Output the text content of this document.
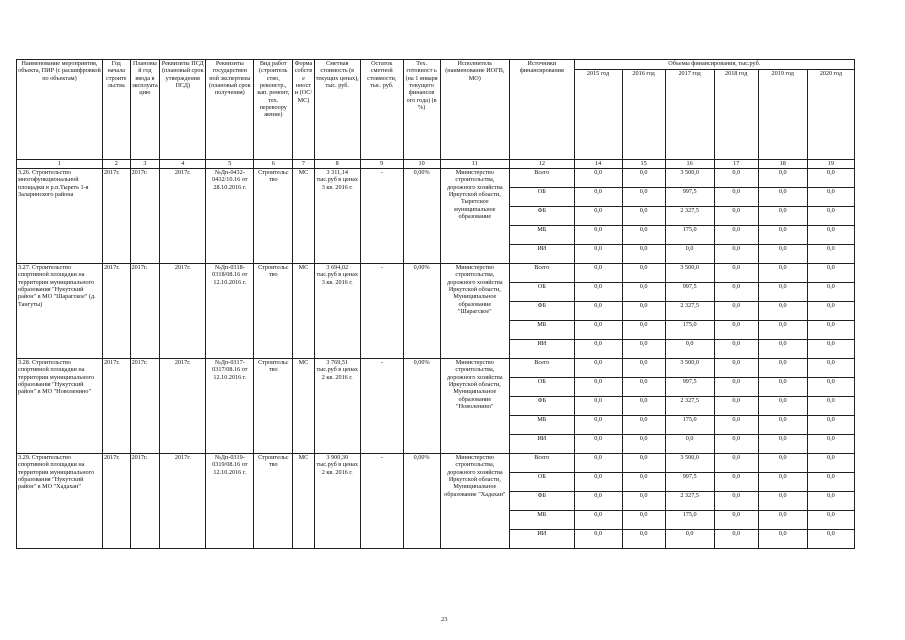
Наименование мероприятия, объекта, ПИР (с расшифровкой по объектам)	Год начала строите льства	Плановый год ввода в эксплуата цию	Реквизиты ПСД (плановый срок утверждения ПСД)	Реквизиты государствен ной экспертизы (плановый срок получения)	Вид работ (строитель ство, реконстр., кап. ремонт, тех. перевоору жение)	Форма собстве нности (ОС/МС)	Сметная стоимость (в текущих ценах), тыс. руб.	Остаток сметной стоимости, тыс. руб.	Тех. готовност ь (на 1 января текущего финансов ого года) (в %)	Исполнитель (наименование ИОГВ, МО)	Источники финансирования	Объемы финансирования, тыс.руб.					
												2015 год	2016 год	2017 год	2018 год	2019 год	2020 год
1	2	3	4	5	6	7	8	9	10	11	12	14	15	16	17	18	19
3.26. Строительство многофункциональной площадки в р.п.Тыреть 1-я Заларинского района	2017г.	2017г.	2017г.	№Дп-0432-0432/10.16 от 28.10.2016 г.	Строительс тво	МС	3 311,14 тыс.руб в ценах 3 кв. 2016 г.	-	0,00%	Министерство строительства, дорожного хозяйства Иркутской области, Тыретское муниципальное образование	Всего	0,0	0,0	3 500,0	0,0	0,0	0,0
											ОБ	0,0	0,0	997,5	0,0	0,0	0,0
											ФБ	0,0	0,0	2 327,5	0,0	0,0	0,0
											МБ	0,0	0,0	175,0	0,0	0,0	0,0
											ИИ	0,0	0,0	0,0	0,0	0,0	0,0
3.27. Строительство спортивной площадки на территории муниципального образования "Нукутский район" в МО "Шарагское" (д. Тангуты)	2017г.	2017г.	2017г.	№Дп-0318-0318/08.16 от 12.10.2016 г.	Строительс тво	МС	3 694,02 тыс.руб в ценах 3 кв. 2016 г.	-	0,00%	Министерство строительства, дорожного хозяйства Иркутской области, Муниципальное образование "Шарагское"	Всего	0,0	0,0	3 500,0	0,0	0,0	0,0
											ОБ	0,0	0,0	997,5	0,0	0,0	0,0
											ФБ	0,0	0,0	2 327,5	0,0	0,0	0,0
											МБ	0,0	0,0	175,0	0,0	0,0	0,0
											ИИ	0,0	0,0	0,0	0,0	0,0	0,0
3.28. Строительство спортивной площадки на территории муниципального образования "Нукутский район" в МО "Новоленино"	2017г.	2017г.	2017г.	№Дп-0317-0317/08.16 от 12.10.2016 г.	Строительс тво	МС	3 769,51 тыс.руб в ценах 2 кв. 2016 г.	-	0,00%	Министерство строительства, дорожного хозяйства Иркутской области, Муниципальное образование "Новоленино"	Всего	0,0	0,0	3 500,0	0,0	0,0	0,0
											ОБ	0,0	0,0	997,5	0,0	0,0	0,0
											ФБ	0,0	0,0	2 327,5	0,0	0,0	0,0
											МБ	0,0	0,0	175,0	0,0	0,0	0,0
											ИИ	0,0	0,0	0,0	0,0	0,0	0,0
3.29. Строительство спортивной площадки на территории муниципального образования "Нукутский район" в МО "Хадахан"	2017г.	2017г.	2017г.	№Дп-0319-0319/08.16 от 12.10.2016 г.	Строительс тво	МС	3 900,30 тыс.руб в ценах 2 кв. 2016 г.	-	0,00%	Министерство строительства, дорожного хозяйства Иркутской области, Муниципальное образование "Хадахан"	Всего	0,0	0,0	3 500,0	0,0	0,0	0,0
											ОБ	0,0	0,0	997,5	0,0	0,0	0,0
											ФБ	0,0	0,0	2 327,5	0,0	0,0	0,0
											МБ	0,0	0,0	175,0	0,0	0,0	0,0
											ИИ	0,0	0,0	0,0	0,0	0,0	0,0
23
